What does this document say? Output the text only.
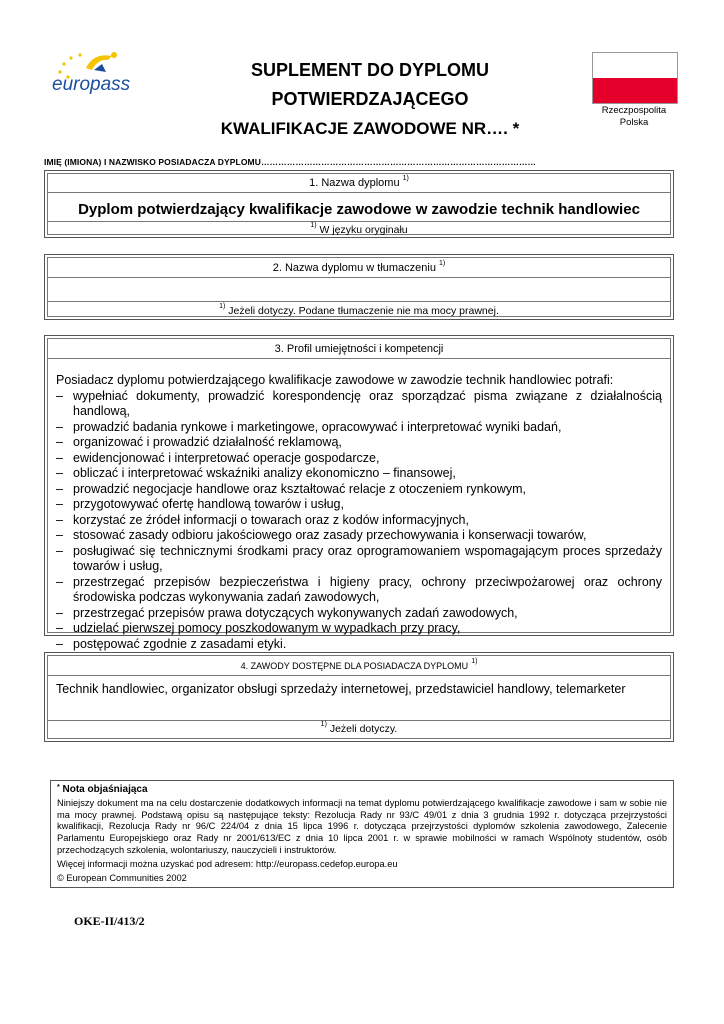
europass
SUPLEMENT DO DYPLOMU POTWIERDZAJĄCEGO
KWALIFIKACJE ZAWODOWE NR…. *
Rzeczpospolita
Polska
IMIĘ (IMIONA) I NAZWISKO POSIADACZA DYPLOMU……………………………………………………………………………………
1. Nazwa dyplomu $^{1)}$
Dyplom potwierdzający kwalifikacje zawodowe w zawodzie technik handlowiec
$^{1)}$ W języku oryginału
2. Nazwa dyplomu w tłumaczeniu $^{1)}$
$^{1)}$ Jeżeli dotyczy. Podane tłumaczenie nie ma mocy prawnej.
3. Profil umiejętności i kompetencji
Posiadacz dyplomu potwierdzającego kwalifikacje zawodowe w zawodzie technik handlowiec potrafi:
– wypełniać dokumenty, prowadzić korespondencję oraz sporządzać pisma związane z działalnością handlową,
– prowadzić badania rynkowe i marketingowe, opracowywać i interpretować wyniki badań,
– organizować i prowadzić działalność reklamową,
– ewidencjonować i interpretować operacje gospodarcze,
– obliczać i interpretować wskaźniki analizy ekonomiczno – finansowej,
– prowadzić negocjacje handlowe oraz kształtować relacje z otoczeniem rynkowym,
– przygotowywać ofertę handlową towarów i usług,
– korzystać ze źródeł informacji o towarach oraz z kodów informacyjnych,
– stosować zasady odbioru jakościowego oraz zasady przechowywania i konserwacji towarów,
– posługiwać się technicznymi środkami pracy oraz oprogramowaniem wspomagającym proces sprzedaży towarów i usług,
– przestrzegać przepisów bezpieczeństwa i higieny pracy, ochrony przeciwpożarowej oraz ochrony środowiska podczas wykonywania zadań zawodowych,
– przestrzegać przepisów prawa dotyczących wykonywanych zadań zawodowych,
– udzielać pierwszej pomocy poszkodowanym w wypadkach przy pracy,
– postępować zgodnie z zasadami etyki.
4. ZAWODY DOSTĘPNE DLA POSIADACZA DYPLOMU $^{1)}$
Technik handlowiec, organizator obsługi sprzedaży internetowej, przedstawiciel handlowy, telemarketer
$^{1)}$ Jeżeli dotyczy.

* Nota objaśniająca

Niniejszy dokument ma na celu dostarczenie dodatkowych informacji na temat dyplomu potwierdzającego kwalifikacje zawodowe i sam w sobie nie ma mocy prawnej. Podstawą opisu są następujące teksty: Rezolucja Rady nr 93/C 49/01 z dnia 3 grudnia 1992 r. dotycząca przejrzystości kwalifikacji, Rezolucja Rady nr 96/C 224/04 z dnia 15 lipca 1996 r. dotycząca przejrzystości dyplomów szkolenia zawodowego, Zalecenie Parlamentu Europejskiego oraz Rady nr 2001/613/EC z dnia 10 lipca 2001 r. w sprawie mobilności w ramach Wspólnoty studentów, osób przechodzących szkolenia, wolontariuszy, nauczycieli i instruktorów.

Więcej informacji można uzyskać pod adresem: http://europass.cedefop.europa.eu

© European Communities 2002

OKE-II/413/2
